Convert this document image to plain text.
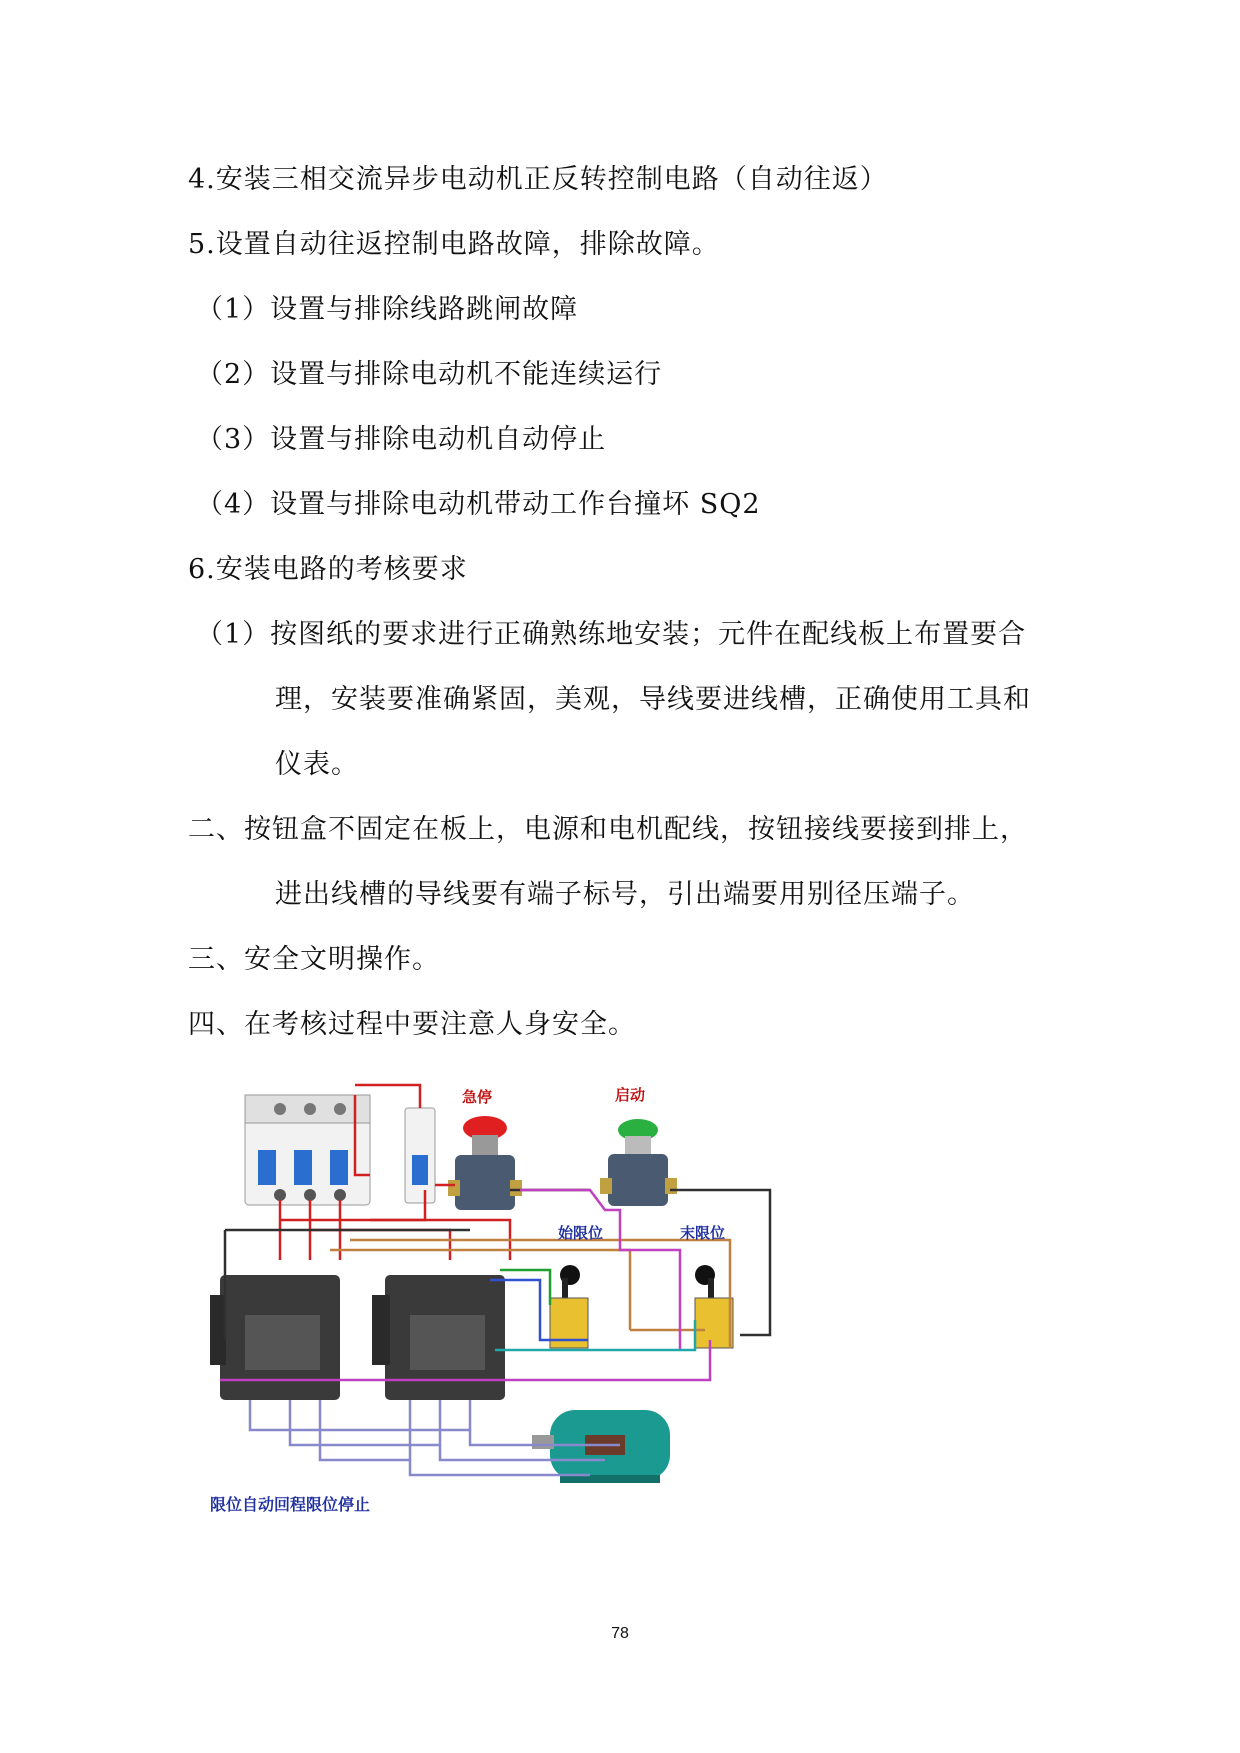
4.安装三相交流异步电动机正反转控制电路（自动往返）
5.设置自动往返控制电路故障，排除故障。
（1）设置与排除线路跳闸故障
（2）设置与排除电动机不能连续运行
（3）设置与排除电动机自动停止
（4）设置与排除电动机带动工作台撞坏 SQ2
6.安装电路的考核要求
（1）按图纸的要求进行正确熟练地安装；元件在配线板上布置要合
理，安装要准确紧固，美观，导线要进线槽，正确使用工具和
仪表。
二、按钮盒不固定在板上，电源和电机配线，按钮接线要接到排上，
进出线槽的导线要有端子标号，引出端要用别径压端子。
三、安全文明操作。
四、在考核过程中要注意人身安全。
急停	启动
始限位	末限位
限位自动回程限位停止
78
